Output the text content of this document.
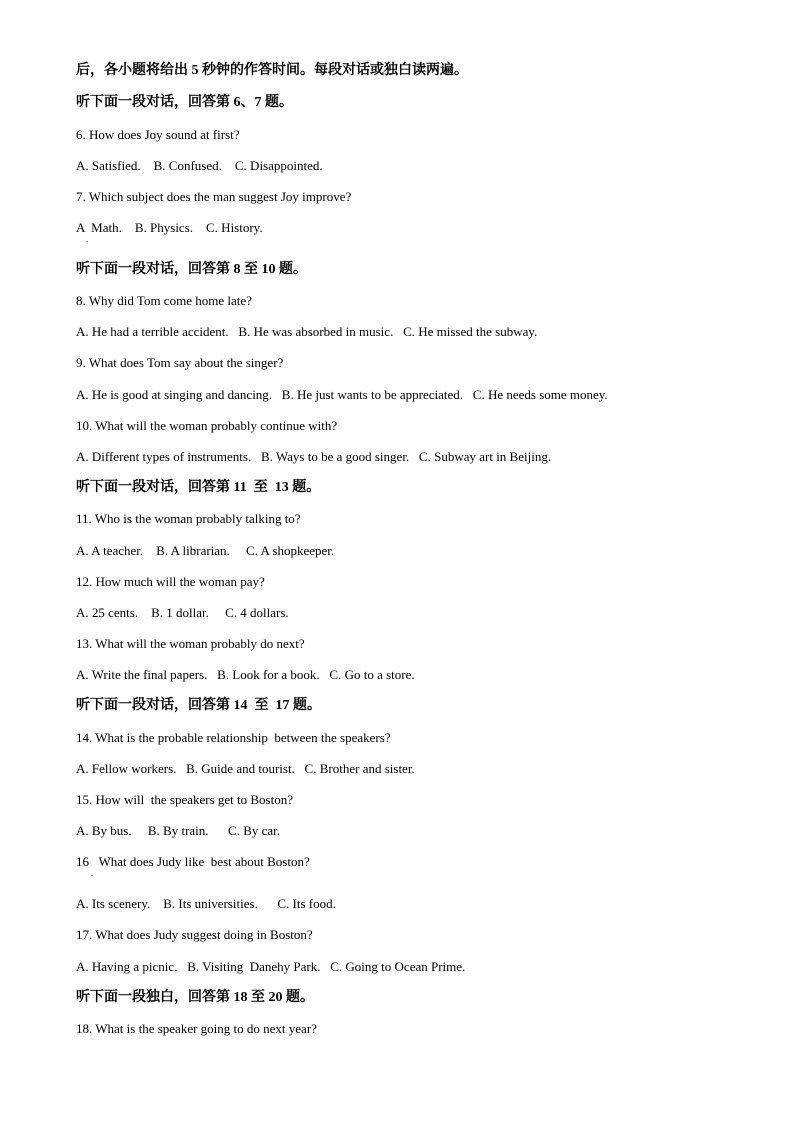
后，各小题将给出 5 秒钟的作答时间。每段对话或独白读两遍。
听下面一段对话，回答第 6、7 题。
6. How does Joy sound at first?
A. Satisfied.    B. Confused.    C. Disappointed.
7. Which subject does the man suggest Joy improve?
A  Math.    B. Physics.    C. History.
.
听下面一段对话，回答第 8 至 10 题。
8. Why did Tom come home late?
A. He had a terrible accident.   B. He was absorbed in music.   C. He missed the subway.
9. What does Tom say about the singer?
A. He is good at singing and dancing.   B. He just wants to be appreciated.   C. He needs some money.
10. What will the woman probably continue with?
A. Different types of instruments.   B. Ways to be a good singer.   C. Subway art in Beijing.
听下面一段对话，回答第 11  至  13 题。
11. Who is the woman probably talking to?
A. A teacher.    B. A librarian.     C. A shopkeeper.
12. How much will the woman pay?
A. 25 cents.    B. 1 dollar.     C. 4 dollars.
13. What will the woman probably do next?
A. Write the final papers.   B. Look for a book.   C. Go to a store.
听下面一段对话，回答第 14  至  17 题。
14. What is the probable relationship  between the speakers?
A. Fellow workers.   B. Guide and tourist.   C. Brother and sister.
15. How will  the speakers get to Boston?
A. By bus.     B. By train.      C. By car.
16   What does Judy like  best about Boston?
.
A. Its scenery.    B. Its universities.      C. Its food.
17. What does Judy suggest doing in Boston?
A. Having a picnic.   B. Visiting  Danehy Park.   C. Going to Ocean Prime.
听下面一段独白，回答第 18 至 20 题。
18. What is the speaker going to do next year?
